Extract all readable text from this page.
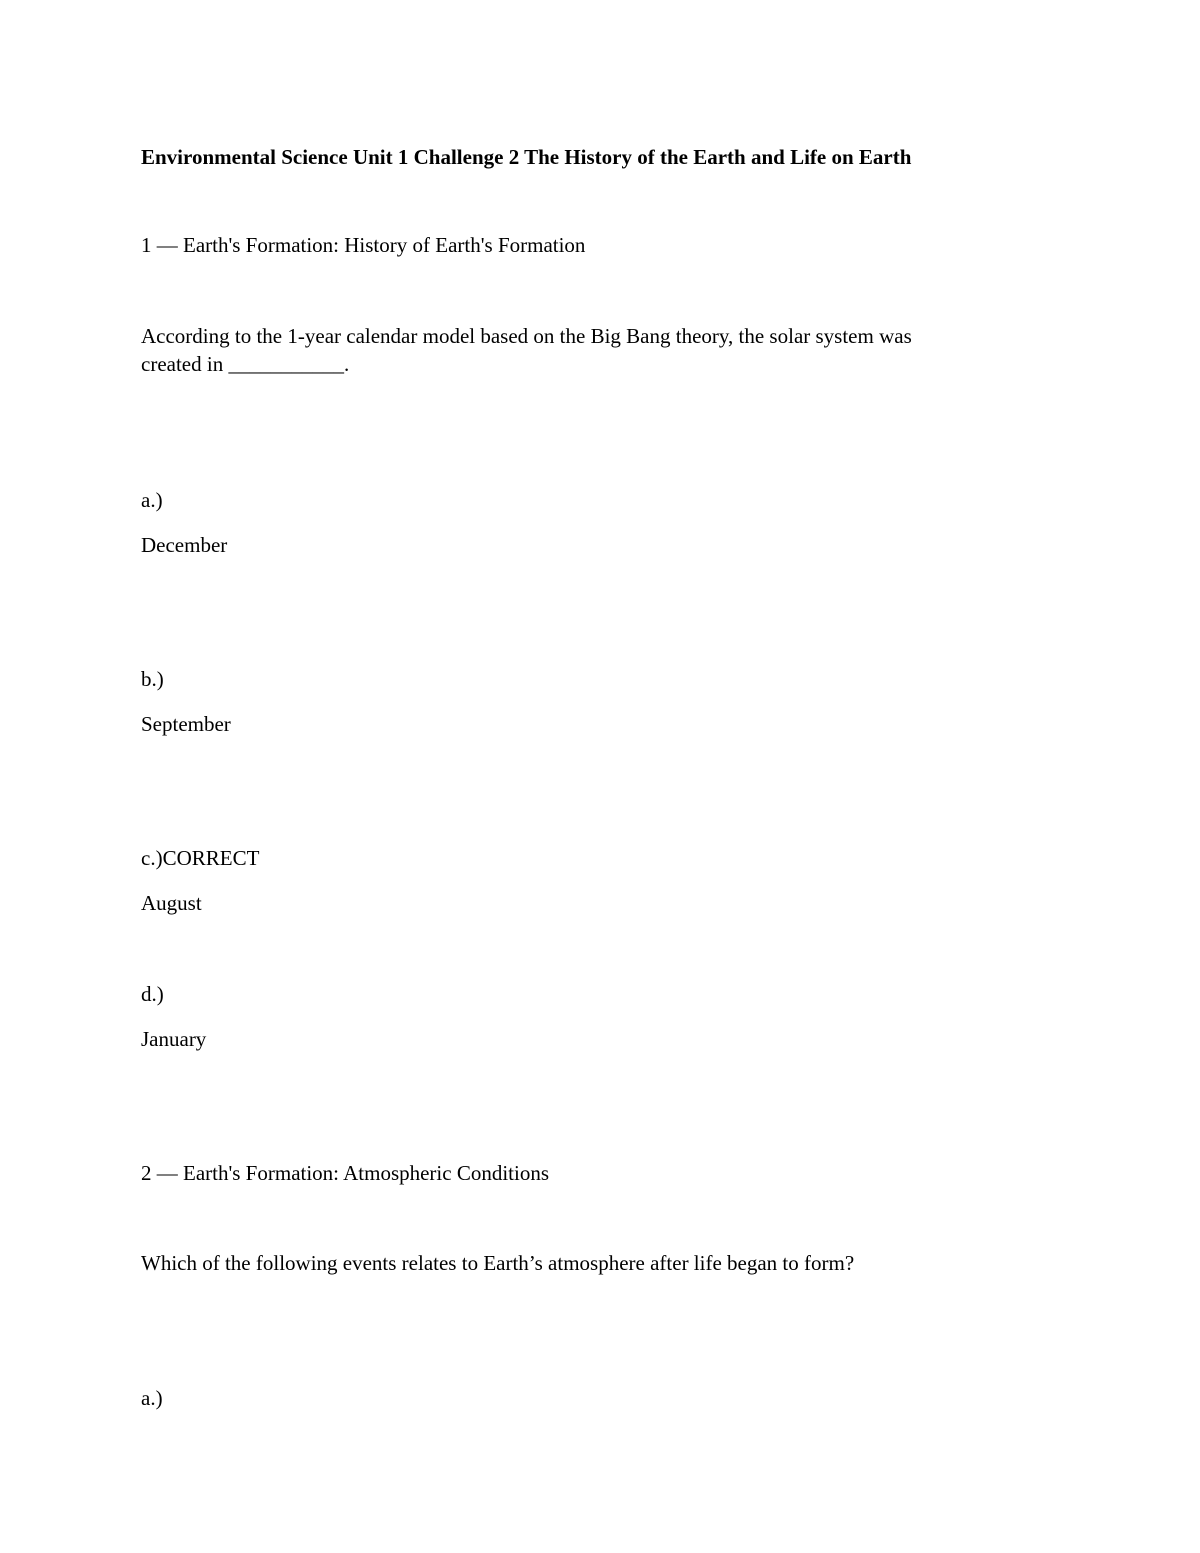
Environmental Science Unit 1 Challenge 2 The History of the Earth and Life on Earth
1 — Earth's Formation: History of Earth's Formation
According to the 1-year calendar model based on the Big Bang theory, the solar system was
created in ___________.
a.)
December
b.)
September
c.)CORRECT
August
d.)
January
2 — Earth's Formation: Atmospheric Conditions
Which of the following events relates to Earth’s atmosphere after life began to form?
a.)
